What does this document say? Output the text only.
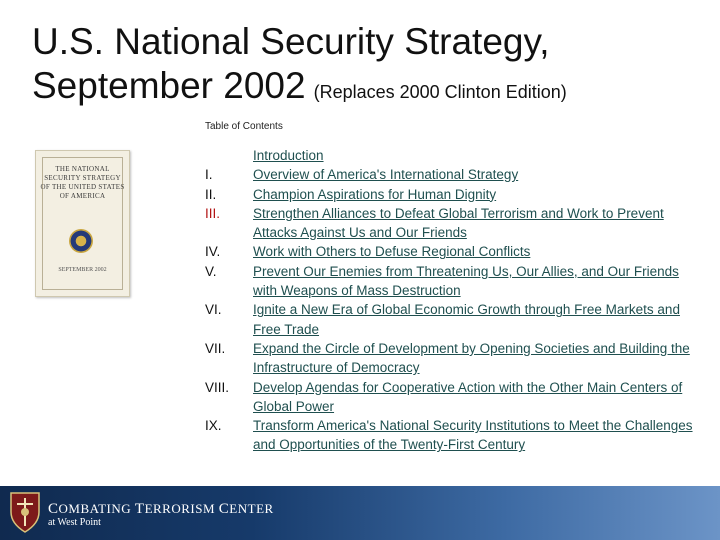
U.S. National Security Strategy,
September 2002 (Replaces 2000 Clinton Edition)
Table of Contents
THE NATIONAL SECURITY STRATEGY OF THE UNITED STATES OF AMERICA
SEPTEMBER 2002
Introduction
I.	Overview of America's International Strategy
II.	Champion Aspirations for Human Dignity
III.	Strengthen Alliances to Defeat Global Terrorism and Work to Prevent Attacks Against Us and Our Friends
IV.	Work with Others to Defuse Regional Conflicts
V.	Prevent Our Enemies from Threatening Us, Our Allies, and Our Friends with Weapons of Mass Destruction
VI.	Ignite a New Era of Global Economic Growth through Free Markets and Free Trade
VII.	Expand the Circle of Development by Opening Societies and Building the Infrastructure of Democracy
VIII.	Develop Agendas for Cooperative Action with the Other Main Centers of Global Power
IX.	Transform America's National Security Institutions to Meet the Challenges and Opportunities of the Twenty-First Century
COMBATING TERRORISM CENTER
at West Point
